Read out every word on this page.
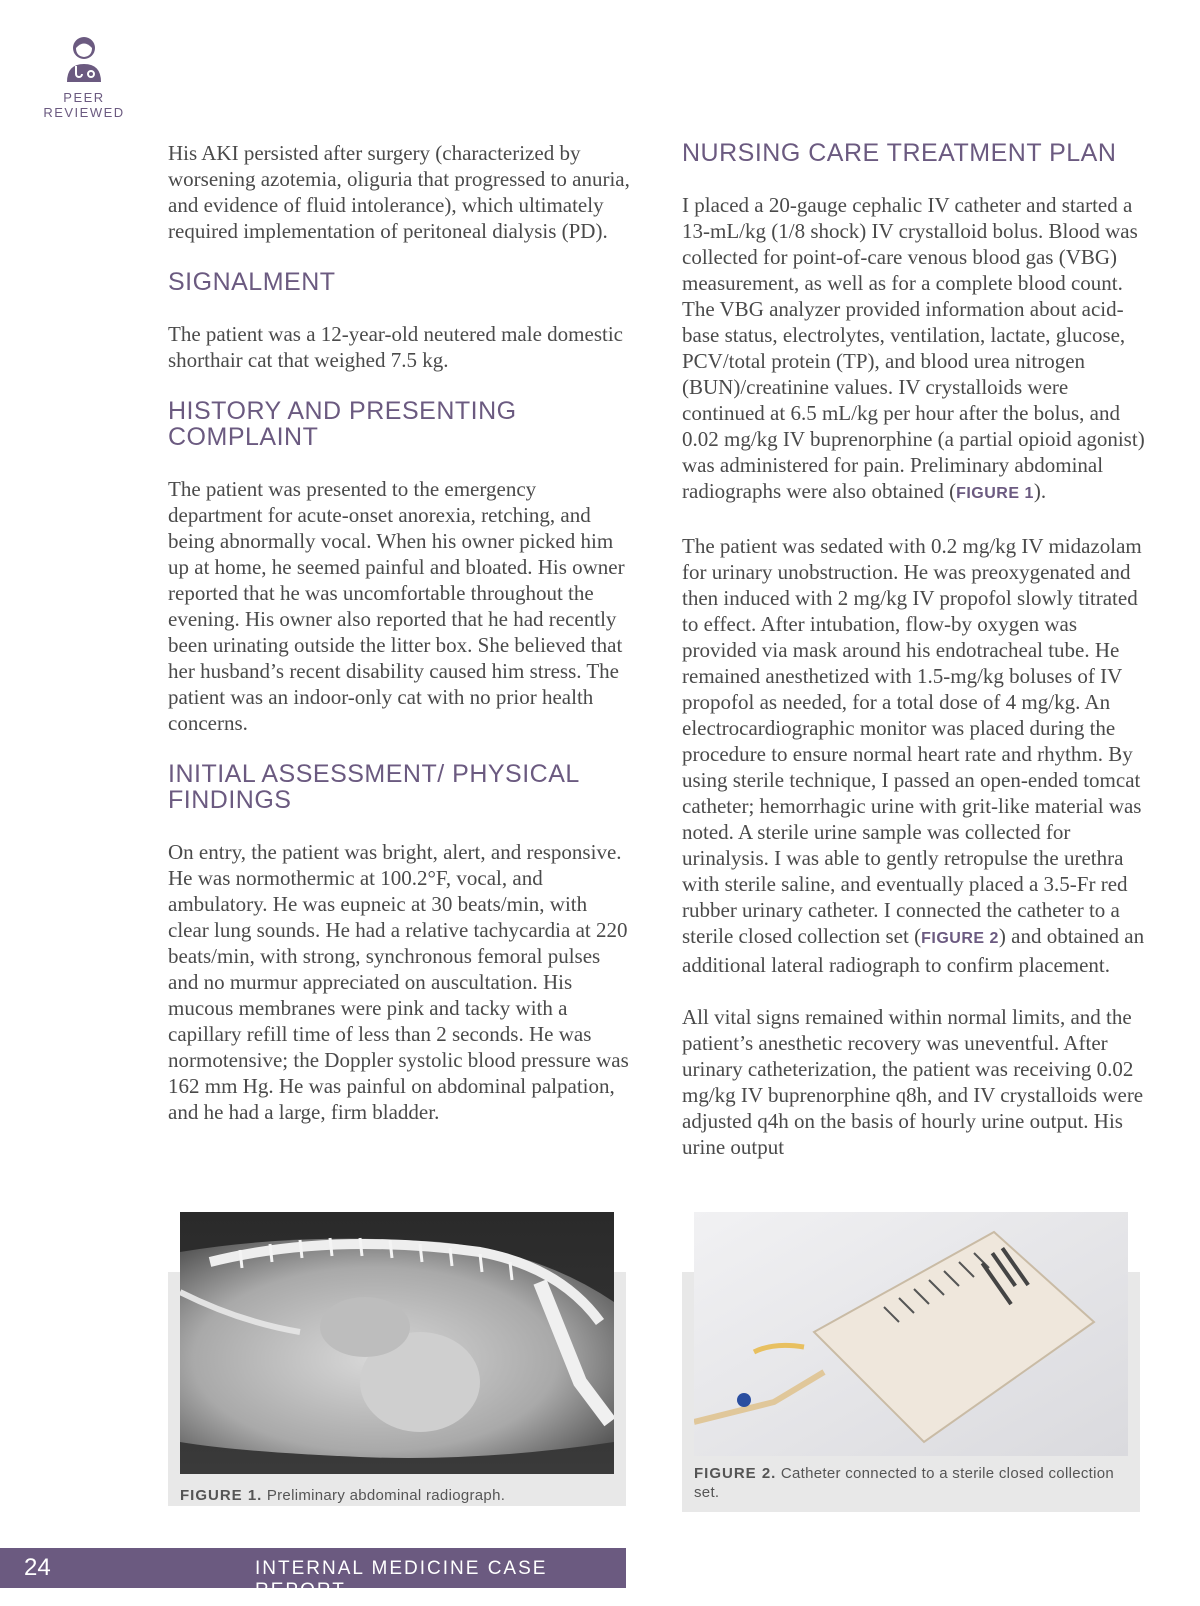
PEER
REVIEWED

His AKI persisted after surgery (characterized by worsening azotemia, oliguria that progressed to anuria, and evidence of fluid intolerance), which ultimately required implementation of peritoneal dialysis (PD).

SIGNALMENT

The patient was a 12-year-old neutered male domestic shorthair cat that weighed 7.5 kg.

HISTORY AND PRESENTING COMPLAINT

The patient was presented to the emergency department for acute-onset anorexia, retching, and being abnormally vocal. When his owner picked him up at home, he seemed painful and bloated. His owner reported that he was uncomfortable throughout the evening. His owner also reported that he had recently been urinating outside the litter box. She believed that her husband’s recent disability caused him stress. The patient was an indoor-only cat with no prior health concerns.

INITIAL ASSESSMENT/ PHYSICAL FINDINGS

On entry, the patient was bright, alert, and responsive. He was normothermic at 100.2°F, vocal, and ambulatory. He was eupneic at 30 beats/min, with clear lung sounds. He had a relative tachycardia at 220 beats/min, with strong, synchronous femoral pulses and no murmur appreciated on auscultation. His mucous membranes were pink and tacky with a capillary refill time of less than 2 seconds. He was normotensive; the Doppler systolic blood pressure was 162 mm Hg. He was painful on abdominal palpation, and he had a large, firm bladder.

NURSING CARE TREATMENT PLAN

I placed a 20-gauge cephalic IV catheter and started a 13-mL/kg (1/8 shock) IV crystalloid bolus. Blood was collected for point-of-care venous blood gas (VBG) measurement, as well as for a complete blood count. The VBG analyzer provided information about acid-base status, electrolytes, ventilation, lactate, glucose, PCV/total protein (TP), and blood urea nitrogen (BUN)/creatinine values. IV crystalloids were continued at 6.5 mL/kg per hour after the bolus, and 0.02 mg/kg IV buprenorphine (a partial opioid agonist) was administered for pain. Preliminary abdominal radiographs were also obtained (FIGURE 1).

The patient was sedated with 0.2 mg/kg IV midazolam for urinary unobstruction. He was preoxygenated and then induced with 2 mg/kg IV propofol slowly titrated to effect. After intubation, flow-by oxygen was provided via mask around his endotracheal tube. He remained anesthetized with 1.5-mg/kg boluses of IV propofol as needed, for a total dose of 4 mg/kg. An electrocardiographic monitor was placed during the procedure to ensure normal heart rate and rhythm. By using sterile technique, I passed an open-ended tomcat catheter; hemorrhagic urine with grit-like material was noted. A sterile urine sample was collected for urinalysis. I was able to gently retropulse the urethra with sterile saline, and eventually placed a 3.5-Fr red rubber urinary catheter. I connected the catheter to a sterile closed collection set (FIGURE 2) and obtained an additional lateral radiograph to confirm placement.

All vital signs remained within normal limits, and the patient’s anesthetic recovery was uneventful. After urinary catheterization, the patient was receiving 0.02 mg/kg IV buprenorphine q8h, and IV crystalloids were adjusted q4h on the basis of hourly urine output. His urine output

FIGURE 1. Preliminary abdominal radiograph.
FIGURE 2. Catheter connected to a sterile closed collection set.
24	INTERNAL MEDICINE CASE REPORT
